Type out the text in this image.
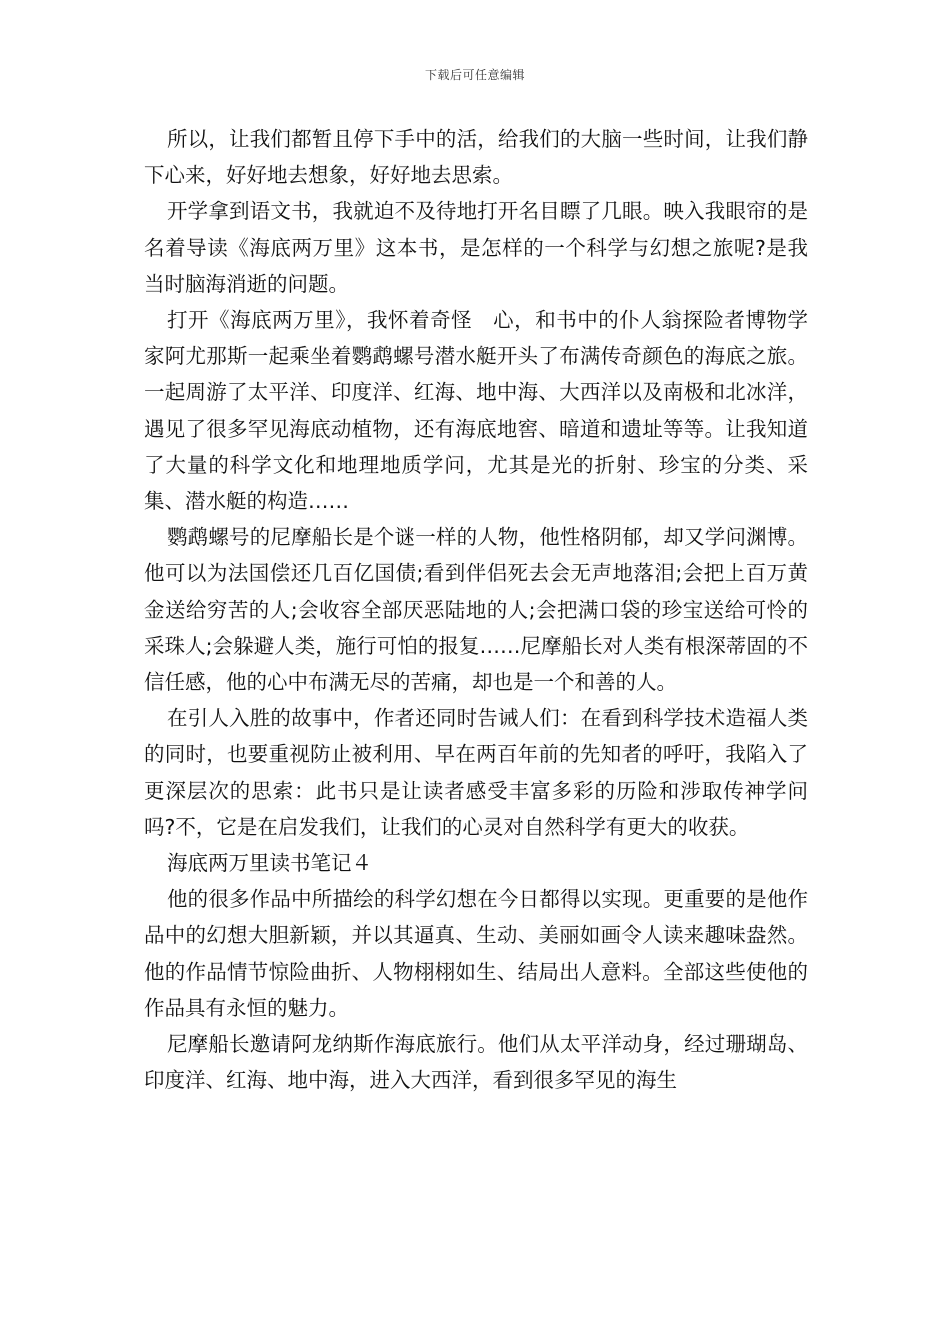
下载后可任意编辑

所以，让我们都暂且停下手中的活，给我们的大脑一些时间，让我们静下心来，好好地去想象，好好地去思索。

开学拿到语文书，我就迫不及待地打开名目瞟了几眼。映入我眼帘的是名着导读《海底两万里》这本书，是怎样的一个科学与幻想之旅呢?是我当时脑海消逝的问题。

打开《海底两万里》，我怀着奇怪　心，和书中的仆人翁探险者博物学家阿尤那斯一起乘坐着鹦鹉螺号潜水艇开头了布满传奇颜色的海底之旅。一起周游了太平洋、印度洋、红海、地中海、大西洋以及南极和北冰洋，遇见了很多罕见海底动植物，还有海底地窖、暗道和遗址等等。让我知道了大量的科学文化和地理地质学问，尤其是光的折射、珍宝的分类、采集、潜水艇的构造……

鹦鹉螺号的尼摩船长是个谜一样的人物，他性格阴郁，却又学问渊博。他可以为法国偿还几百亿国债;看到伴侣死去会无声地落泪;会把上百万黄金送给穷苦的人;会收容全部厌恶陆地的人;会把满口袋的珍宝送给可怜的采珠人;会躲避人类，施行可怕的报复……尼摩船长对人类有根深蒂固的不信任感，他的心中布满无尽的苦痛，却也是一个和善的人。

在引人入胜的故事中，作者还同时告诫人们：在看到科学技术造福人类的同时，也要重视防止被利用、早在两百年前的先知者的呼吁，我陷入了更深层次的思索：此书只是让读者感受丰富多彩的历险和涉取传神学问吗?不，它是在启发我们，让我们的心灵对自然科学有更大的收获。

海底两万里读书笔记４

他的很多作品中所描绘的科学幻想在今日都得以实现。更重要的是他作品中的幻想大胆新颖，并以其逼真、生动、美丽如画令人读来趣味盎然。他的作品情节惊险曲折、人物栩栩如生、结局出人意料。全部这些使他的作品具有永恒的魅力。

尼摩船长邀请阿龙纳斯作海底旅行。他们从太平洋动身，经过珊瑚岛、印度洋、红海、地中海，进入大西洋，看到很多罕见的海生
